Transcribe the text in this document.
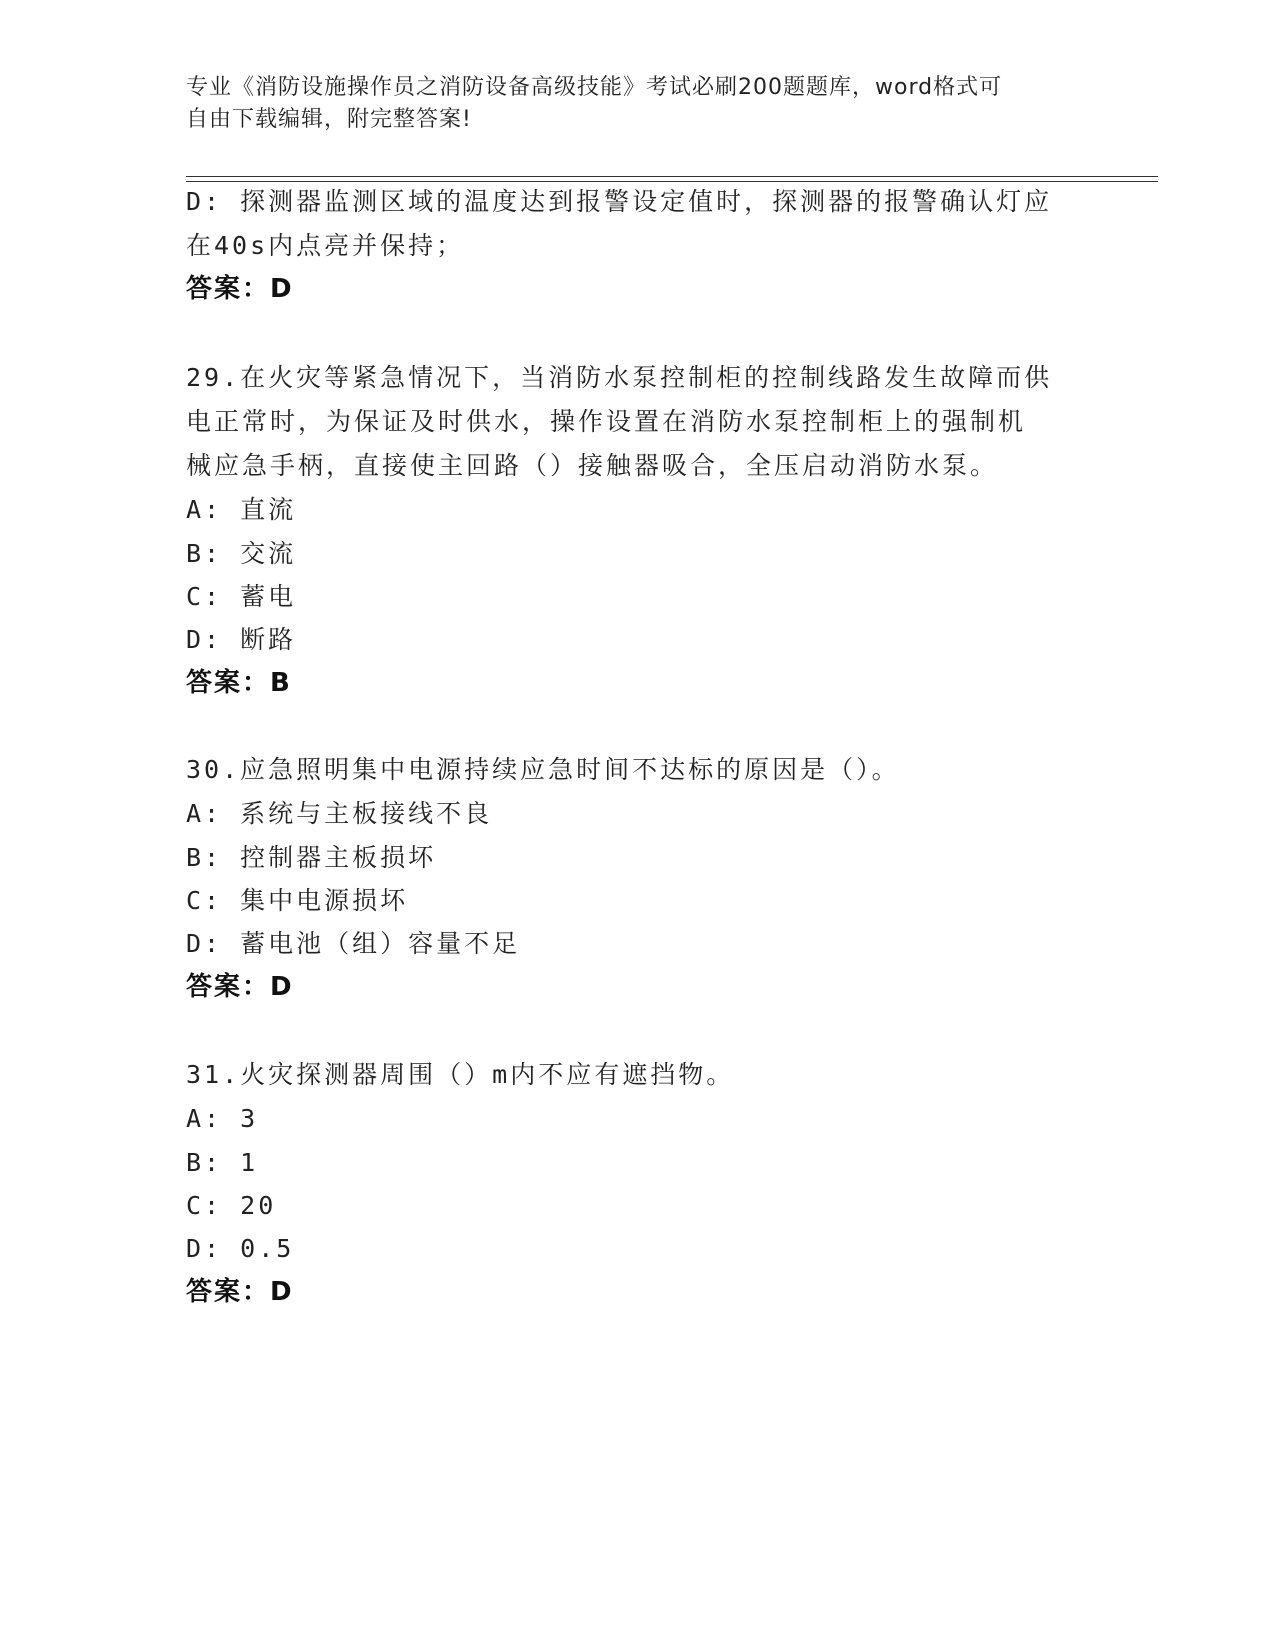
专业《消防设施操作员之消防设备高级技能》考试必刷200题题库，word格式可
自由下载编辑，附完整答案!
D: 探测器监测区域的温度达到报警设定值时，探测器的报警确认灯应
在40s内点亮并保持；
答案：D
29.在火灾等紧急情况下，当消防水泵控制柜的控制线路发生故障而供
电正常时，为保证及时供水，操作设置在消防水泵控制柜上的强制机
械应急手柄，直接使主回路（）接触器吸合，全压启动消防水泵。
A: 直流
B: 交流
C: 蓄电
D: 断路
答案：B
30.应急照明集中电源持续应急时间不达标的原因是（）。
A: 系统与主板接线不良
B: 控制器主板损坏
C: 集中电源损坏
D: 蓄电池（组）容量不足
答案：D
31.火灾探测器周围（）m内不应有遮挡物。
A: 3
B: 1
C: 20
D: 0.5
答案：D
